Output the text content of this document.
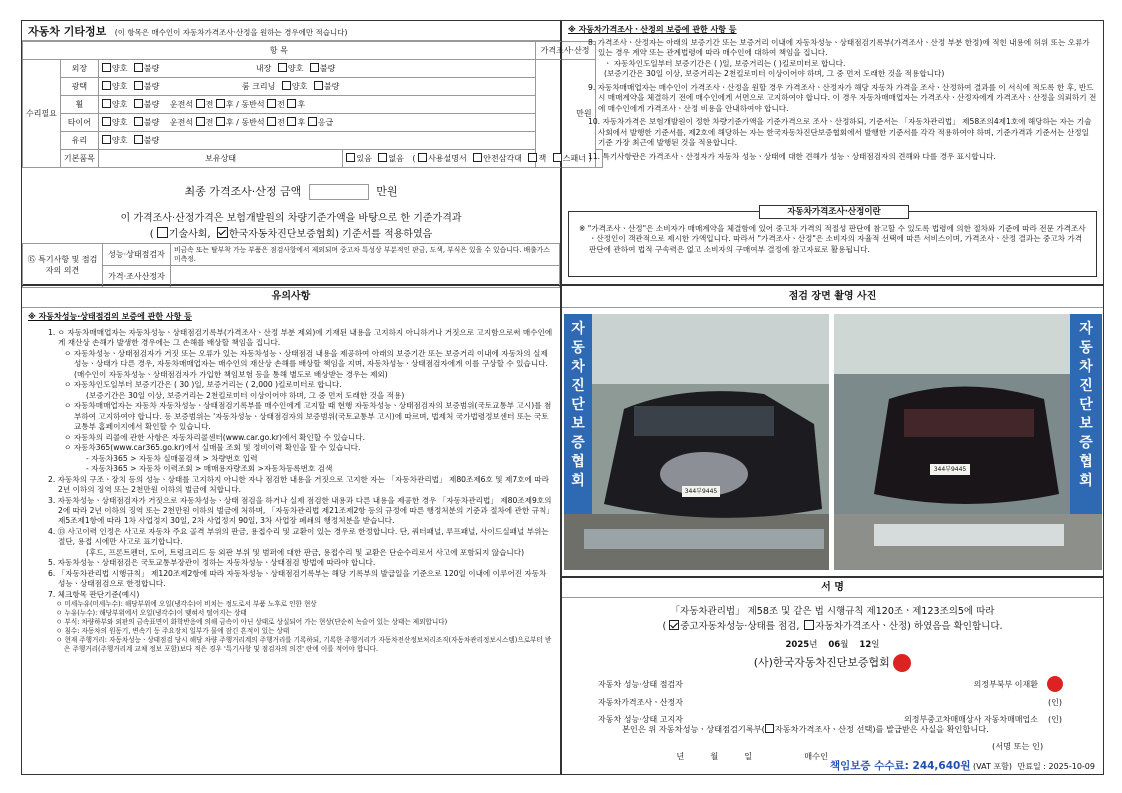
자동차 기타정보 (이 항목은 매수인이 자동차가격조사·산정을 원하는 경우에만 적습니다)
항 목				가격조사·산정	
수리필요	외장	양호 불량 내장 양호 불량		만원	
	광택	양호 불량 룸 크리닝 양호 불량			
	휠	양호 불량 운전석 전 후 / 동반석 전 후			
	타이어	양호 불량 운전석 전 후 / 동반석 전 후 응급			
	유리	양호 불량			
	기본품목	보유상태	있음 없음 ( 사용설명서 안전삼각대 잭 스패너 )		
최종 가격조사·산정 금액	만원
이 가격조사·산정가격은 보험개발원의 차량기준가액을 바탕으로 한 기준가격과
( 기술사회, 한국자동차진단보증협회) 기준서를 적용하였음
⑮ 특기사항 및 점검자의 의견	성능·상태점검자	비금속 또는 탈부착 가능 부품은 점검사항에서 제외되며 중고차 특성상 부분적인 판금, 도색, 부식은 있을 수 있습니다. 배출가스 미측정.
	가격·조사산정자	
※ 자동차가격조사ㆍ산정의 보증에 관한 사항 등

8. 가격조사ㆍ산정자는 아래의 보증기간 또는 보증거리 이내에 자동차성능ㆍ상태점검기록부(가격조사ㆍ산정 부분 한정)에 적힌 내용에 허위 또는 오류가 있는 경우 계약 또는 관계법령에 따라 매수인에 대하여 책임을 집니다.

ㆍ 자동차인도일부터 보증기간은 ( )일, 보증거리는 ( )킬로미터로 합니다.

(보증기간은 30일 이상, 보증거리는 2천킬로미터 이상이어야 하며, 그 중 먼저 도래한 것을 적용합니다)

9. 자동차매매업자는 매수인이 가격조사ㆍ산정을 원할 경우 가격조사ㆍ산정자가 해당 자동차 가격을 조사ㆍ산정하여 결과를 이 서식에 적도록 한 후, 반드시 매매계약을 체결하기 전에 매수인에게 서면으로 고지하여야 합니다. 이 경우 자동차매매업자는 가격조사ㆍ산정자에게 가격조사ㆍ산정을 의뢰하기 전에 매수인에게 가격조사ㆍ산정 비용을 안내하여야 합니다.

10. 자동차가격은 보험개발원이 정한 차량기준가액을 기준가격으로 조사ㆍ산정하되, 기준서는 「자동차관리법」 제58조의4제1호에 해당하는 자는 기술사회에서 발행한 기준서를, 제2호에 해당하는 자는 한국자동차진단보증협회에서 발행한 기준서를 각각 적용하여야 하며, 기준가격과 기준서는 산정일 기준 가장 최근에 발행된 것을 적용합니다.

11. 특기사항란은 가격조사ㆍ산정자가 자동차 성능ㆍ상태에 대한 견해가 성능ㆍ상태점검자의 견해와 다를 경우 표시합니다.

자동차가격조사·산정이란
※ "가격조사ㆍ산정"은 소비자가 매매계약을 체결함에 있어 중고차 가격의 적절성 판단에 참고할 수 있도록 법령에 의한 절차와 기준에 따라 전문 가격조사ㆍ산정인이 객관적으로 제시한 가액입니다. 따라서 "가격조사ㆍ산정"은 소비자의 자율적 선택에 따른 서비스이며, 가격조사ㆍ산정 결과는 중고차 가격판단에 관하여 법적 구속력은 없고 소비자의 구매여부 결정에 참고자료로 활용됩니다.
유의사항
※ 자동차성능·상태점검의 보증에 관한 사항 등

1. ㅇ 자동차매매업자는 자동차성능ㆍ상태점검기록부(가격조사ㆍ산정 부분 제외)에 기재된 내용을 고지하지 아니하거나 거짓으로 고지함으로써 매수인에게 재산상 손해가 발생한 경우에는 그 손해를 배상할 책임을 집니다.

ㅇ 자동차성능ㆍ상태점검자가 거짓 또는 오류가 있는 자동차성능ㆍ상태점검 내용을 제공하여 아래의 보증기간 또는 보증거리 이내에 자동차의 실제 성능ㆍ상태가 다른 경우, 자동차매매업자는 매수인의 재산상 손해를 배상할 책임을 지며, 자동차성능ㆍ상태점검자에게 이를 구상할 수 있습니다.(매수인이 자동차성능ㆍ상태점검자가 가입한 책임보험 등을 통해 별도로 배상받는 경우는 제외)

ㅇ 자동차인도일부터 보증기간은 ( 30 )일, 보증거리는 ( 2,000 )킬로미터로 합니다.

(보증기간은 30일 이상, 보증거리는 2천킬로미터 이상이어야 하며, 그 중 먼저 도래한 것을 적용)

ㅇ 자동차매매업자는 자동차 자동차성능ㆍ상태점검기록부를 매수인에게 고지할 때 현행 자동차성능ㆍ상태점검자의 보증범위(국토교통부 고시)를 첨부하여 고지하여야 합니다. 동 보증범위는 '자동차성능ㆍ상태점검자의 보증범위(국토교통부 고시)에 따르며, 법제처 국가법령정보센터 또는 국토교통부 홈페이지에서 확인할 수 있습니다.

ㅇ 자동차의 리콜에 관한 사항은 자동차리콜센터(www.car.go.kr)에서 확인할 수 있습니다.

ㅇ 자동차365(www.car365.go.kr)에서 실매물 조회 및 정비이력 확인을 할 수 있습니다.

- 자동차365 > 자동차 실매물검색 > 차량번호 입력

- 자동차365 > 자동차 이력조회 > 매매용자량조회 >자동차등록번호 검색

2. 자동차의 구조ㆍ장치 등의 성능ㆍ상태를 고지하지 아니한 자나 점검한 내용을 거짓으로 고지한 자는 「자동차관리법」 제80조제6호 및 제7호에 따라 2년 이하의 징역 또는 2천만원 이하의 벌금에 처합니다.

3. 자동차성능ㆍ상태점검자가 거짓으로 자동차성능ㆍ상태 점검을 하거나 실제 점검한 내용과 다른 내용을 제공한 경우 「자동차관리법」 제80조제9호의2에 따라 2년 이하의 징역 또는 2천만원 이하의 벌금에 처하며, 「자동차관리법 제21조제2항 등의 규정에 따른 행정처분의 기준과 절차에 관한 규칙」 제5조제1항에 따라 1차 사업정지 30일, 2차 사업정지 90일, 3차 사업장 폐쇄의 행정처분을 받습니다.

4. ⑬ 사고이력 인정은 사고로 자동차 주요 골격 부위의 판금, 용접수리 및 교환이 있는 경우로 한정합니다. 단, 쿼터패널, 루프패널, 사이드실패널 부위는 절단, 용접 시에만 사고로 표기합니다.

(후드, 프론트펜더, 도어, 트렁크리드 등 외판 부위 및 범퍼에 대한 판금, 용접수리 및 교환은 단순수리로서 사고에 포함되지 않습니다)

5. 자동차성능ㆍ상태점검은 국토교통부장관이 정하는 자동차성능ㆍ상태점검 방법에 따라야 합니다.

6. 「자동차관리법 시행규칙」 제120조제2항에 따라 자동차성능ㆍ상태점검기록부는 해당 기록부의 발급일을 기준으로 120일 이내에 이루어진 자동차 성능ㆍ상태점검으로 한정합니다.

7. 체크항목 판단기준(예시)

ㅇ 미세누유(미세누수): 해당부위에 오일(냉각수)이 비치는 정도로서 부품 노후로 인한 현상

ㅇ 누유(누수): 해당부위에서 오일(냉각수)이 맺혀서 떨어지는 상태

ㅇ 부식: 차량하부와 외판의 금속표면이 화학반응에 의해 금속이 아닌 상태로 상실되어 가는 현상(단순히 녹슬어 있는 상태는 제외합니다)

ㅇ 침수: 자동차의 원동기, 변속기 등 주요장치 일부가 물에 잠긴 흔적이 있는 상태

ㅇ 현재 주행거리: 자동차성능ㆍ상태점검 당시 해당 차량 주행거리계의 주행거리를 기록하되, 기록한 주행거리가 자동차전산정보처리조직(자동차관리정보시스템)으로부터 받은 주행거리(주행거리계 교체 정보 포함)보다 적은 경우 '특기사항 및 점검자의 의견' 란에 이를 적어야 합니다.

점검 장면 촬영 사진
자동차진단보증협회
344부9445
자동차진단보증협회
344부9445
서 명
「자동차관리법」 제58조 및 같은 법 시행규칙 제120조ㆍ제123조의5에 따라
( 중고자동차성능·상태를 점검, 자동차가격조사ㆍ산정) 하였음을 확인합니다.
2025년 06월 12일
(사)한국자동차진단보증협회
자동차 성능·상태 점검자	의정부북부 이재환	
자동차가격조사ㆍ산정자		(인)
자동차 성능·상태 고지자	의정부중고차매매상사 자동차매매업소	(인)
본인은 위 자동차성능ㆍ상태점검기록부( 자동차가격조사ㆍ산정 선택)를 발급받은 사실을 확인합니다.

년          월          일                    매수인

(서명 또는 인)
책임보증 수수료: 244,640원 (VAT 포함) 만료일 : 2025-10-09
